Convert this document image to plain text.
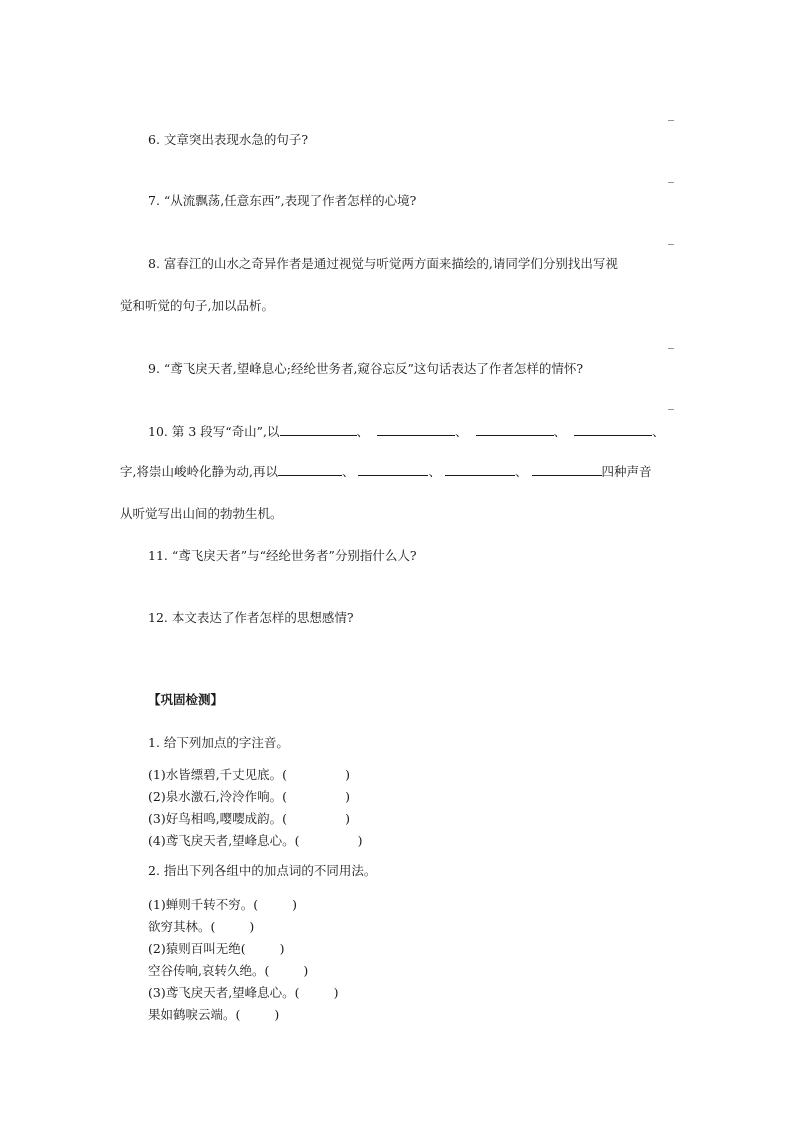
_
6. 文章突出表现水急的句子?
_
7. “从流飘荡,任意东西”,表现了作者怎样的心境?
_
8. 富春江的山水之奇异作者是通过视觉与听觉两方面来描绘的,请同学们分别找出写视
觉和听觉的句子,加以品析。
_
9. “鸢飞戾天者,望峰息心;经纶世务者,窥谷忘反”这句话表达了作者怎样的情怀?
_
10. 第 3 段写“奇山”,以	、	、	、	、
字,将崇山峻岭化静为动,再以	、	、	、	四种声音
从听觉写出山间的勃勃生机。
11. “鸢飞戾天者”与“经纶世务者”分别指什么人?
12. 本文表达了作者怎样的思想感情?
【巩固检测】
1. 给下列加点的字注音。
(1)水皆缥碧,千丈见底。(	)
(2)泉水激石,泠泠作响。(	)
(3)好鸟相鸣,嘤嘤成韵。(	)
(4)鸢飞戾天者,望峰息心。(	)
2. 指出下列各组中的加点词的不同用法。
(1)蝉则千转不穷。(	)
欲穷其林。(	)
(2)猿则百叫无绝(	)
空谷传响,哀转久绝。(	)
(3)鸢飞戾天者,望峰息心。(	)
果如鹤唳云端。(	)
